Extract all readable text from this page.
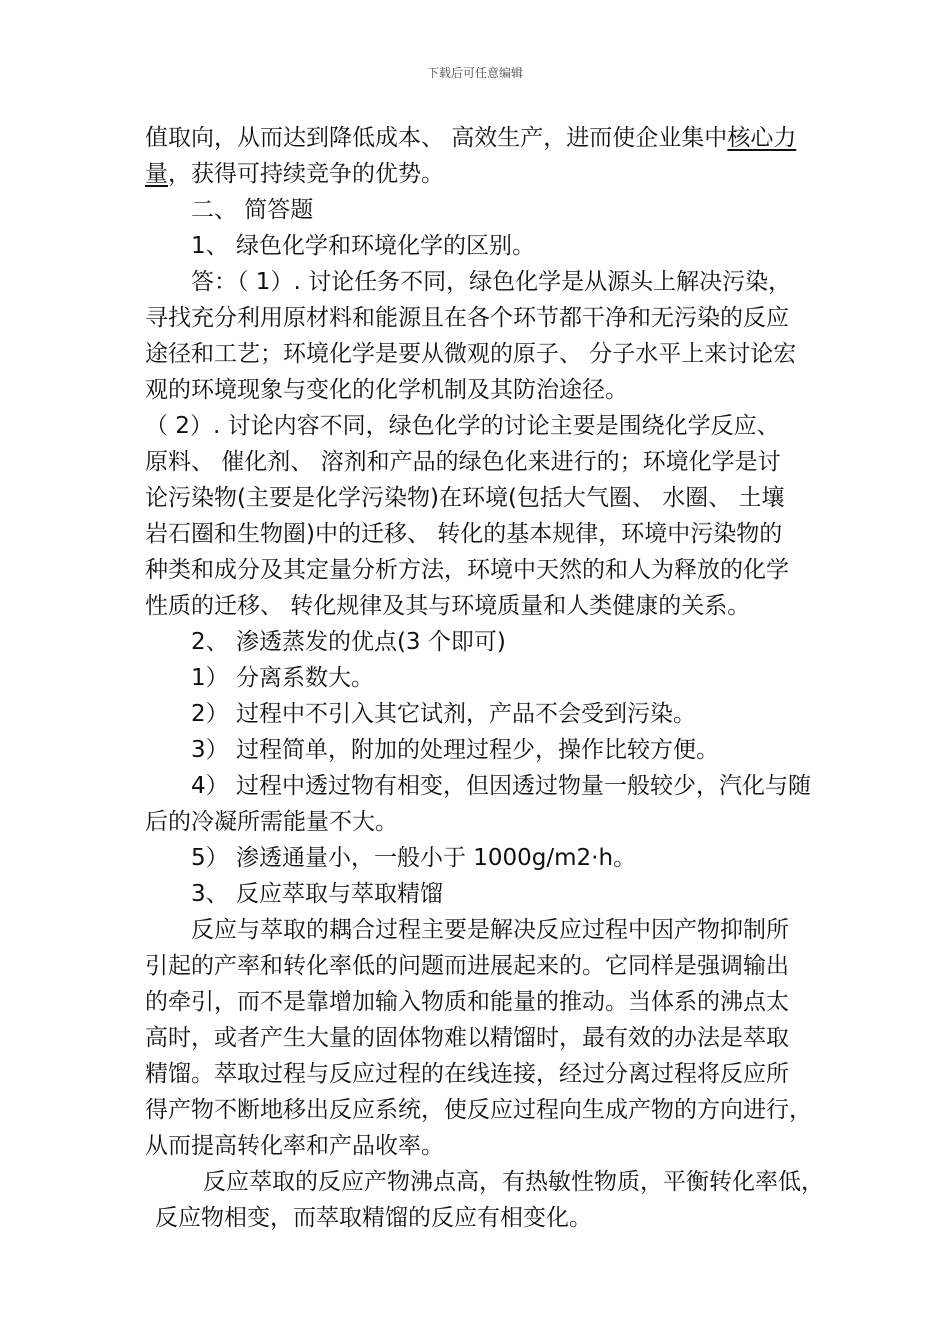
下载后可任意编辑
值取向，从而达到降低成本、 高效生产，进而使企业集中核心力
量，获得可持续竞争的优势。
二、 简答题
1、 绿色化学和环境化学的区别。
答：（ 1）. 讨论任务不同，绿色化学是从源头上解决污染，
寻找充分利用原材料和能源且在各个环节都干净和无污染的反应
途径和工艺；环境化学是要从微观的原子、 分子水平上来讨论宏
观的环境现象与变化的化学机制及其防治途径。
（ 2）. 讨论内容不同，绿色化学的讨论主要是围绕化学反应、
原料、 催化剂、 溶剂和产品的绿色化来进行的；环境化学是讨
论污染物(主要是化学污染物)在环境(包括大气圈、 水圈、 土壤
岩石圈和生物圈)中的迁移、 转化的基本规律，环境中污染物的
种类和成分及其定量分析方法，环境中天然的和人为释放的化学
性质的迁移、 转化规律及其与环境质量和人类健康的关系。
2、 渗透蒸发的优点(3 个即可)
1） 分离系数大。
2） 过程中不引入其它试剂，产品不会受到污染。
3） 过程简单，附加的处理过程少，操作比较方便。
4） 过程中透过物有相变，但因透过物量一般较少，汽化与随
后的冷凝所需能量不大。
5） 渗透通量小，一般小于 1000g/m2·h。
3、 反应萃取与萃取精馏
反应与萃取的耦合过程主要是解决反应过程中因产物抑制所
引起的产率和转化率低的问题而进展起来的。它同样是强调输出
的牵引，而不是靠增加输入物质和能量的推动。当体系的沸点太
高时，或者产生大量的固体物难以精馏时，最有效的办法是萃取
精馏。萃取过程与反应过程的在线连接，经过分离过程将反应所
得产物不断地移出反应系统，使反应过程向生成产物的方向进行，
从而提高转化率和产品收率。
反应萃取的反应产物沸点高，有热敏性物质，平衡转化率低，
反应物相变，而萃取精馏的反应有相变化。
